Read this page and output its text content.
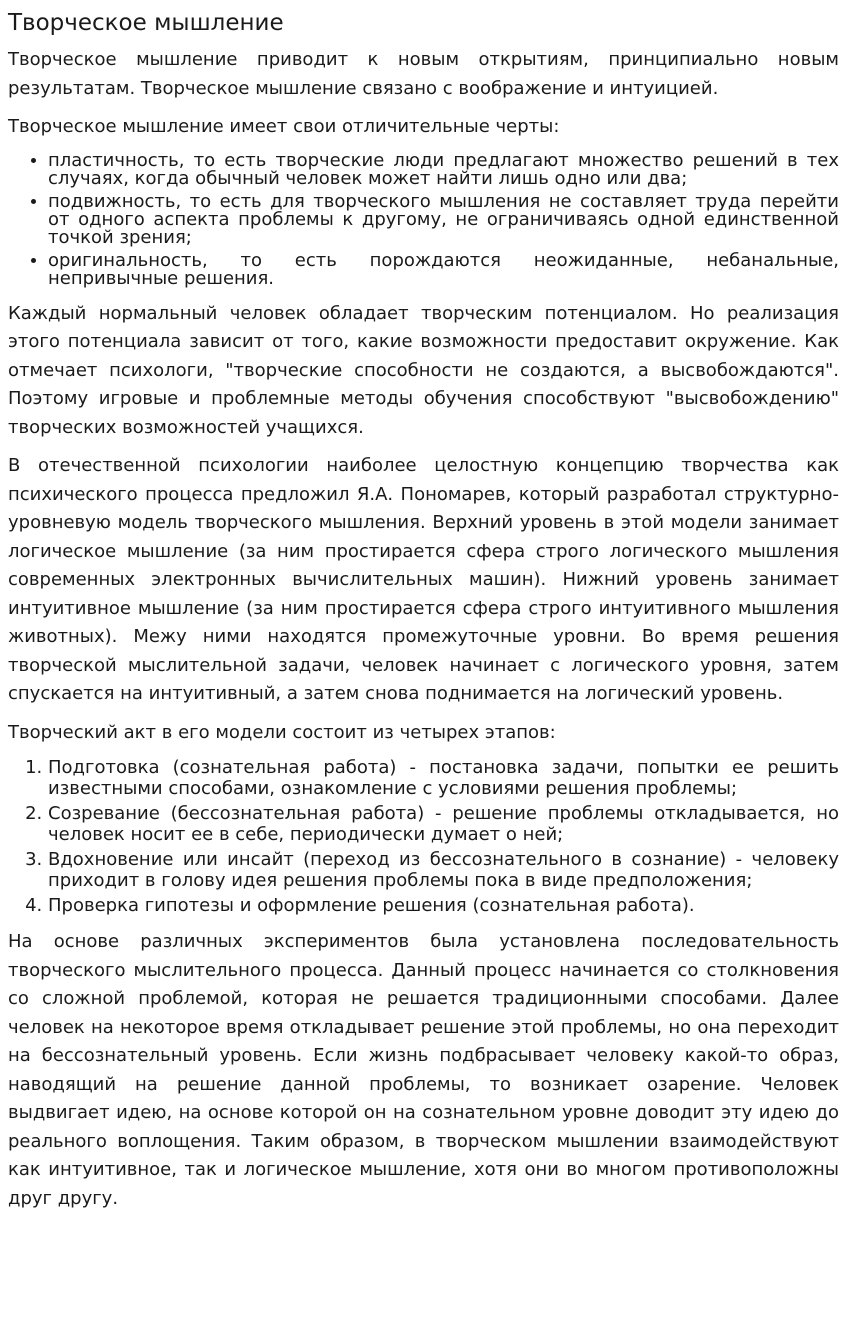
Творческое мышление

Творческое мышление приводит к новым открытиям, принципиально новым результатам. Творческое мышление связано с воображение и интуицией.

Творческое мышление имеет свои отличительные черты:

• пластичность, то есть творческие люди предлагают множество решений в тех случаях, когда обычный человек может найти лишь одно или два;
• подвижность, то есть для творческого мышления не составляет труда перейти от одного аспекта проблемы к другому, не ограничиваясь одной единственной точкой зрения;
• оригинальность, то есть порождаются неожиданные, небанальные, непривычные решения.

Каждый нормальный человек обладает творческим потенциалом. Но реализация этого потенциала зависит от того, какие возможности предоставит окружение. Как отмечает психологи, "творческие способности не создаются, а высвобождаются". Поэтому игровые и проблемные методы обучения способствуют "высвобождению" творческих возможностей учащихся.

В отечественной психологии наиболее целостную концепцию творчества как психического процесса предложил Я.А. Пономарев, который разработал структурно-уровневую модель творческого мышления. Верхний уровень в этой модели занимает логическое мышление (за ним простирается сфера строго логического мышления современных электронных вычислительных машин). Нижний уровень занимает интуитивное мышление (за ним простирается сфера строго интуитивного мышления животных). Межу ними находятся промежуточные уровни. Во время решения творческой мыслительной задачи, человек начинает с логического уровня, затем спускается на интуитивный, а затем снова поднимается на логический уровень.

Творческий акт в его модели состоит из четырех этапов:

1. Подготовка (сознательная работа) - постановка задачи, попытки ее решить известными способами, ознакомление с условиями решения проблемы;
2. Созревание (бессознательная работа) - решение проблемы откладывается, но человек носит ее в себе, периодически думает о ней;
3. Вдохновение или инсайт (переход из бессознательного в сознание) - человеку приходит в голову идея решения проблемы пока в виде предположения;
4. Проверка гипотезы и оформление решения (сознательная работа).

На основе различных экспериментов была установлена последовательность творческого мыслительного процесса. Данный процесс начинается со столкновения со сложной проблемой, которая не решается традиционными способами. Далее человек на некоторое время откладывает решение этой проблемы, но она переходит на бессознательный уровень. Если жизнь подбрасывает человеку какой-то образ, наводящий на решение данной проблемы, то возникает озарение. Человек выдвигает идею, на основе которой он на сознательном уровне доводит эту идею до реального воплощения. Таким образом, в творческом мышлении взаимодействуют как интуитивное, так и логическое мышление, хотя они во многом противоположны друг другу.
